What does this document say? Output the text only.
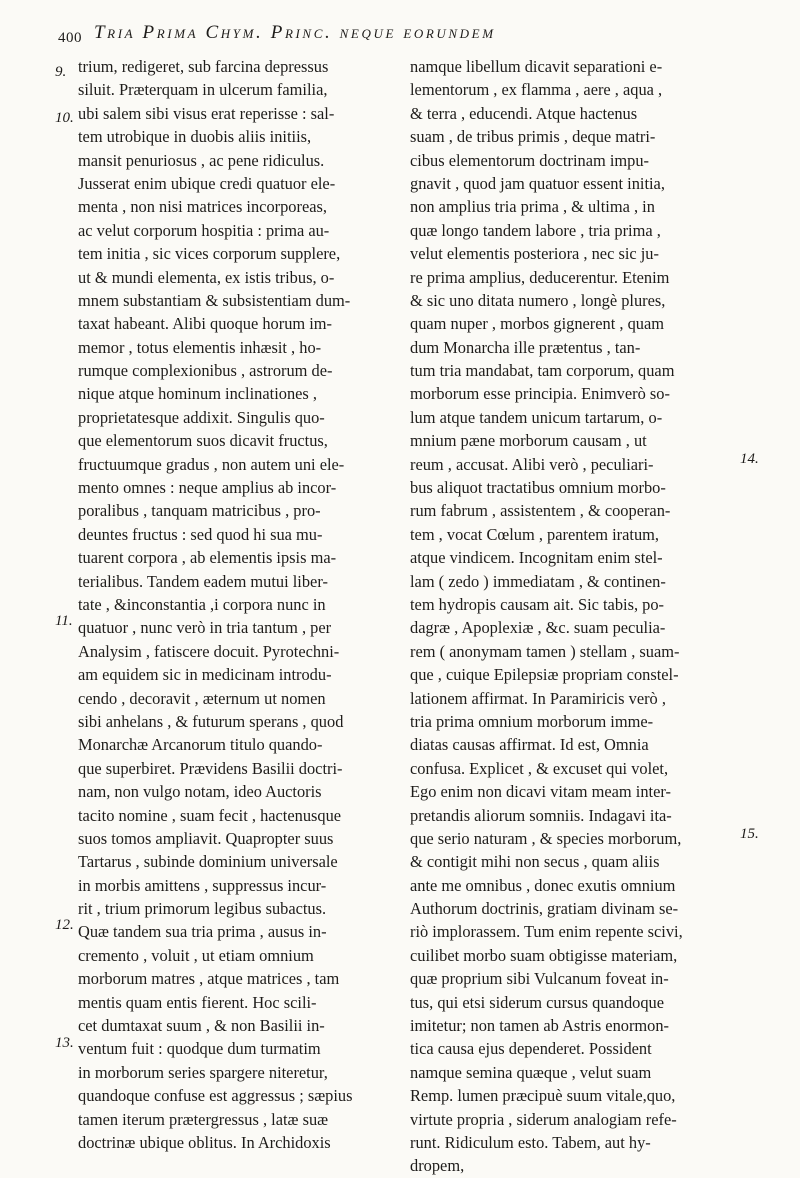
400 Tria Prima Chym. Princ. neque eorundem
9.
10.
11.
12.
13.
14.
15.
trium, redigeret, sub farcina depressus
siluit. Præterquam in ulcerum familia,
ubi salem sibi visus erat reperisse : sal-
tem utrobique in duobis aliis initiis,
mansit penuriosus , ac pene ridiculus.
Jusserat enim ubique credi quatuor ele-
menta , non nisi matrices incorporeas,
ac velut corporum hospitia : prima au-
tem initia , sic vices corporum supplere,
ut & mundi elementa, ex istis tribus, o-
mnem substantiam & subsistentiam dum-
taxat habeant. Alibi quoque horum im-
memor , totus elementis inhæsit , ho-
rumque complexionibus , astrorum de-
nique atque hominum inclinationes ,
proprietatesque addixit. Singulis quo-
que elementorum suos dicavit fructus,
fructuumque gradus , non autem uni ele-
mento omnes : neque amplius ab incor-
poralibus , tanquam matricibus , pro-
deuntes fructus : sed quod hi sua mu-
tuarent corpora , ab elementis ipsis ma-
terialibus. Tandem eadem mutui liber-
tate , &inconstantia ,i corpora nunc in
quatuor , nunc verò in tria tantum , per
Analysim , fatiscere docuit. Pyrotechni-
am equidem sic in medicinam introdu-
cendo , decoravit , æternum ut nomen
sibi anhelans , & futurum sperans , quod
Monarchæ Arcanorum titulo quando-
que superbiret. Prævidens Basilii doctri-
nam, non vulgo notam, ideo Auctoris
tacito nomine , suam fecit , hactenusque
suos tomos ampliavit. Quapropter suus
Tartarus , subinde dominium universale
in morbis amittens , suppressus incur-
rit , trium primorum legibus subactus.
Quæ tandem sua tria prima , ausus in-
cremento , voluit , ut etiam omnium
morborum matres , atque matrices , tam
mentis quam entis fierent. Hoc scili-
cet dumtaxat suum , & non Basilii in-
ventum fuit : quodque dum turmatim
in morborum series spargere niteretur,
quandoque confuse est aggressus ; sæpius
tamen iterum prætergressus , latæ suæ
doctrinæ ubique oblitus. In Archidoxis
namque libellum dicavit separationi e-
lementorum , ex flamma , aere , aqua ,
& terra , educendi. Atque hactenus
suam , de tribus primis , deque matri-
cibus elementorum doctrinam impu-
gnavit , quod jam quatuor essent initia,
non amplius tria prima , & ultima , in
quæ longo tandem labore , tria prima ,
velut elementis posteriora , nec sic ju-
re prima amplius, deducerentur. Etenim
& sic uno ditata numero , longè plures,
quam nuper , morbos gignerent , quam
dum Monarcha ille prætentus , tan-
tum tria mandabat, tam corporum, quam
morborum esse principia. Enimverò so-
lum atque tandem unicum tartarum, o-
mnium pæne morborum causam , ut
reum , accusat. Alibi verò , peculiari-
bus aliquot tractatibus omnium morbo-
rum fabrum , assistentem , & cooperan-
tem , vocat Cœlum , parentem iratum,
atque vindicem. Incognitam enim stel-
lam ( zedo ) immediatam , & continen-
tem hydropis causam ait. Sic tabis, po-
dagræ , Apoplexiæ , &c. suam peculia-
rem ( anonymam tamen ) stellam , suam-
que , cuique Epilepsiæ propriam constel-
lationem affirmat. In Paramiricis verò ,
tria prima omnium morborum imme-
diatas causas affirmat. Id est, Omnia
confusa. Explicet , & excuset qui volet,
Ego enim non dicavi vitam meam inter-
pretandis aliorum somniis. Indagavi ita-
que serio naturam , & species morborum,
& contigit mihi non secus , quam aliis
ante me omnibus , donec exutis omnium
Authorum doctrinis, gratiam divinam se-
riò implorassem. Tum enim repente scivi,
cuilibet morbo suam obtigisse materiam,
quæ proprium sibi Vulcanum foveat in-
tus, qui etsi siderum cursus quandoque
imitetur; non tamen ab Astris enormon-
tica causa ejus dependeret. Possident
namque semina quæque , velut suam
Remp. lumen præcipuè suum vitale,quo,
virtute propria , siderum analogiam refe-
runt. Ridiculum esto. Tabem, aut hy-
dropem,
